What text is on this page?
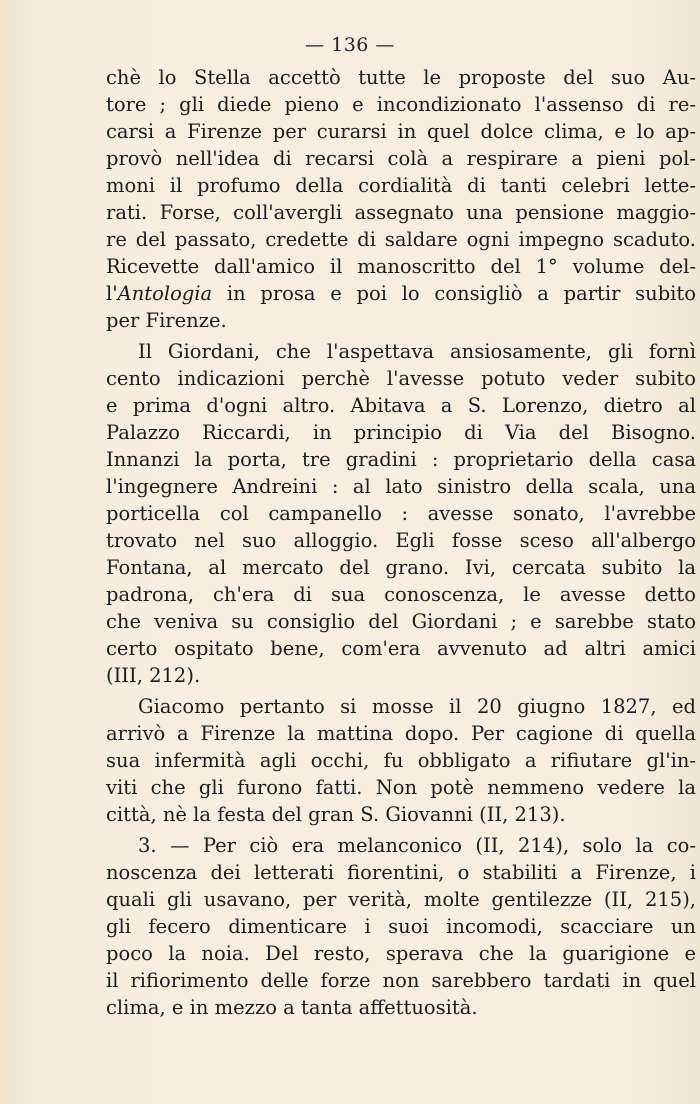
— 136 —
chè lo Stella accettò tutte le proposte del suo Au-
tore ; gli diede pieno e incondizionato l'assenso di re-
carsi a Firenze per curarsi in quel dolce clima, e lo ap-
provò nell'idea di recarsi colà a respirare a pieni pol-
moni il profumo della cordialità di tanti celebri lette-
rati. Forse, coll'avergli assegnato una pensione maggio-
re del passato, credette di saldare ogni impegno scaduto.
Ricevette dall'amico il manoscritto del 1° volume del-
l'Antologia in prosa e poi lo consigliò a partir subito
per Firenze.
Il Giordani, che l'aspettava ansiosamente, gli fornì
cento indicazioni perchè l'avesse potuto veder subito
e prima d'ogni altro. Abitava a S. Lorenzo, dietro al
Palazzo Riccardi, in principio di Via del Bisogno.
Innanzi la porta, tre gradini : proprietario della casa
l'ingegnere Andreini : al lato sinistro della scala, una
porticella col campanello : avesse sonato, l'avrebbe
trovato nel suo alloggio. Egli fosse sceso all'albergo
Fontana, al mercato del grano. Ivi, cercata subito la
padrona, ch'era di sua conoscenza, le avesse detto
che veniva su consiglio del Giordani ; e sarebbe stato
certo ospitato bene, com'era avvenuto ad altri amici
(III, 212).
Giacomo pertanto si mosse il 20 giugno 1827, ed
arrivò a Firenze la mattina dopo. Per cagione di quella
sua infermità agli occhi, fu obbligato a rifiutare gl'in-
viti che gli furono fatti. Non potè nemmeno vedere la
città, nè la festa del gran S. Giovanni (II, 213).
3. — Per ciò era melanconico (II, 214), solo la co-
noscenza dei letterati fiorentini, o stabiliti a Firenze, i
quali gli usavano, per verità, molte gentilezze (II, 215),
gli fecero dimenticare i suoi incomodi, scacciare un
poco la noia. Del resto, sperava che la guarigione e
il rifiorimento delle forze non sarebbero tardati in quel
clima, e in mezzo a tanta affettuosità.
